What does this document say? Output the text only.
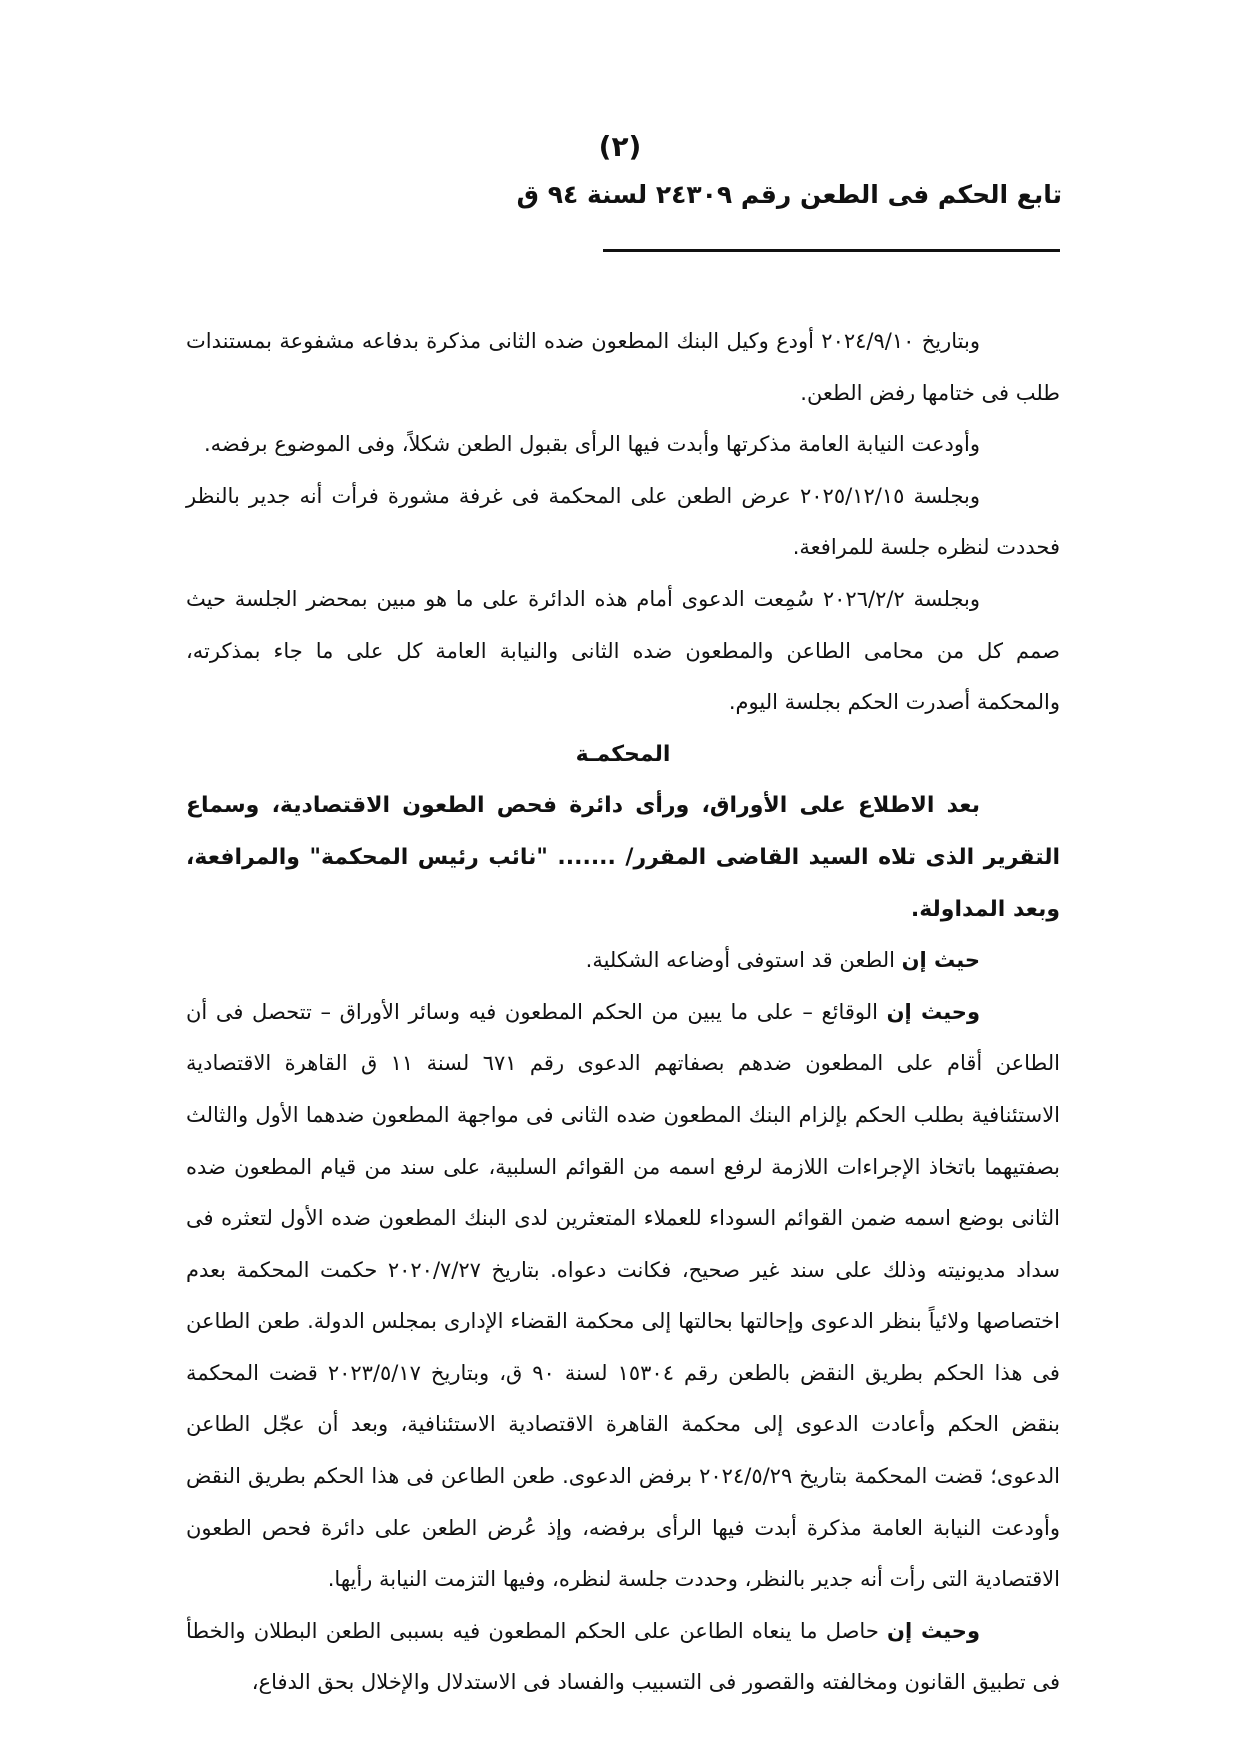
(٢)
تابع الحكم فى الطعن رقم ٢٤٣٠٩ لسنة ٩٤ ق

وبتاريخ ٢٠٢٤/٩/١٠ أودع وكيل البنك المطعون ضده الثانى مذكرة بدفاعه مشفوعة بمستندات طلب فى ختامها رفض الطعن.

وأودعت النيابة العامة مذكرتها وأبدت فيها الرأى بقبول الطعن شكلاً، وفى الموضوع برفضه.

وبجلسة ٢٠٢٥/١٢/١٥ عرض الطعن على المحكمة فى غرفة مشورة فرأت أنه جدير بالنظر فحددت لنظره جلسة للمرافعة.

وبجلسة ٢٠٢٦/٢/٢ سُمِعت الدعوى أمام هذه الدائرة على ما هو مبين بمحضر الجلسة حيث صمم كل من محامى الطاعن والمطعون ضده الثانى والنيابة العامة كل على ما جاء بمذكرته، والمحكمة أصدرت الحكم بجلسة اليوم.

المحكمـة

بعد الاطلاع على الأوراق، ورأى دائرة فحص الطعون الاقتصادية، وسماع التقرير الذى تلاه السيد القاضى المقرر/ ....... "نائب رئيس المحكمة" والمرافعة، وبعد المداولة.

حيث إن الطعن قد استوفى أوضاعه الشكلية.

وحيث إن الوقائع – على ما يبين من الحكم المطعون فيه وسائر الأوراق – تتحصل فى أن الطاعن أقام على المطعون ضدهم بصفاتهم الدعوى رقم ٦٧١ لسنة ١١ ق القاهرة الاقتصادية الاستئنافية بطلب الحكم بإلزام البنك المطعون ضده الثانى فى مواجهة المطعون ضدهما الأول والثالث بصفتيهما باتخاذ الإجراءات اللازمة لرفع اسمه من القوائم السلبية، على سند من قيام المطعون ضده الثانى بوضع اسمه ضمن القوائم السوداء للعملاء المتعثرين لدى البنك المطعون ضده الأول لتعثره فى سداد مديونيته وذلك على سند غير صحيح، فكانت دعواه. بتاريخ ٢٠٢٠/٧/٢٧ حكمت المحكمة بعدم اختصاصها ولائياً بنظر الدعوى وإحالتها بحالتها إلى محكمة القضاء الإدارى بمجلس الدولة. طعن الطاعن فى هذا الحكم بطريق النقض بالطعن رقم ١٥٣٠٤ لسنة ٩٠ ق، وبتاريخ ٢٠٢٣/٥/١٧ قضت المحكمة بنقض الحكم وأعادت الدعوى إلى محكمة القاهرة الاقتصادية الاستئنافية، وبعد أن عجّل الطاعن الدعوى؛ قضت المحكمة بتاريخ ٢٠٢٤/٥/٢٩ برفض الدعوى. طعن الطاعن فى هذا الحكم بطريق النقض وأودعت النيابة العامة مذكرة أبدت فيها الرأى برفضه، وإذ عُرض الطعن على دائرة فحص الطعون الاقتصادية التى رأت أنه جدير بالنظر، وحددت جلسة لنظره، وفيها التزمت النيابة رأيها.

وحيث إن حاصل ما ينعاه الطاعن على الحكم المطعون فيه بسببى الطعن البطلان والخطأ فى تطبيق القانون ومخالفته والقصور فى التسبيب والفساد فى الاستدلال والإخلال بحق الدفاع،
